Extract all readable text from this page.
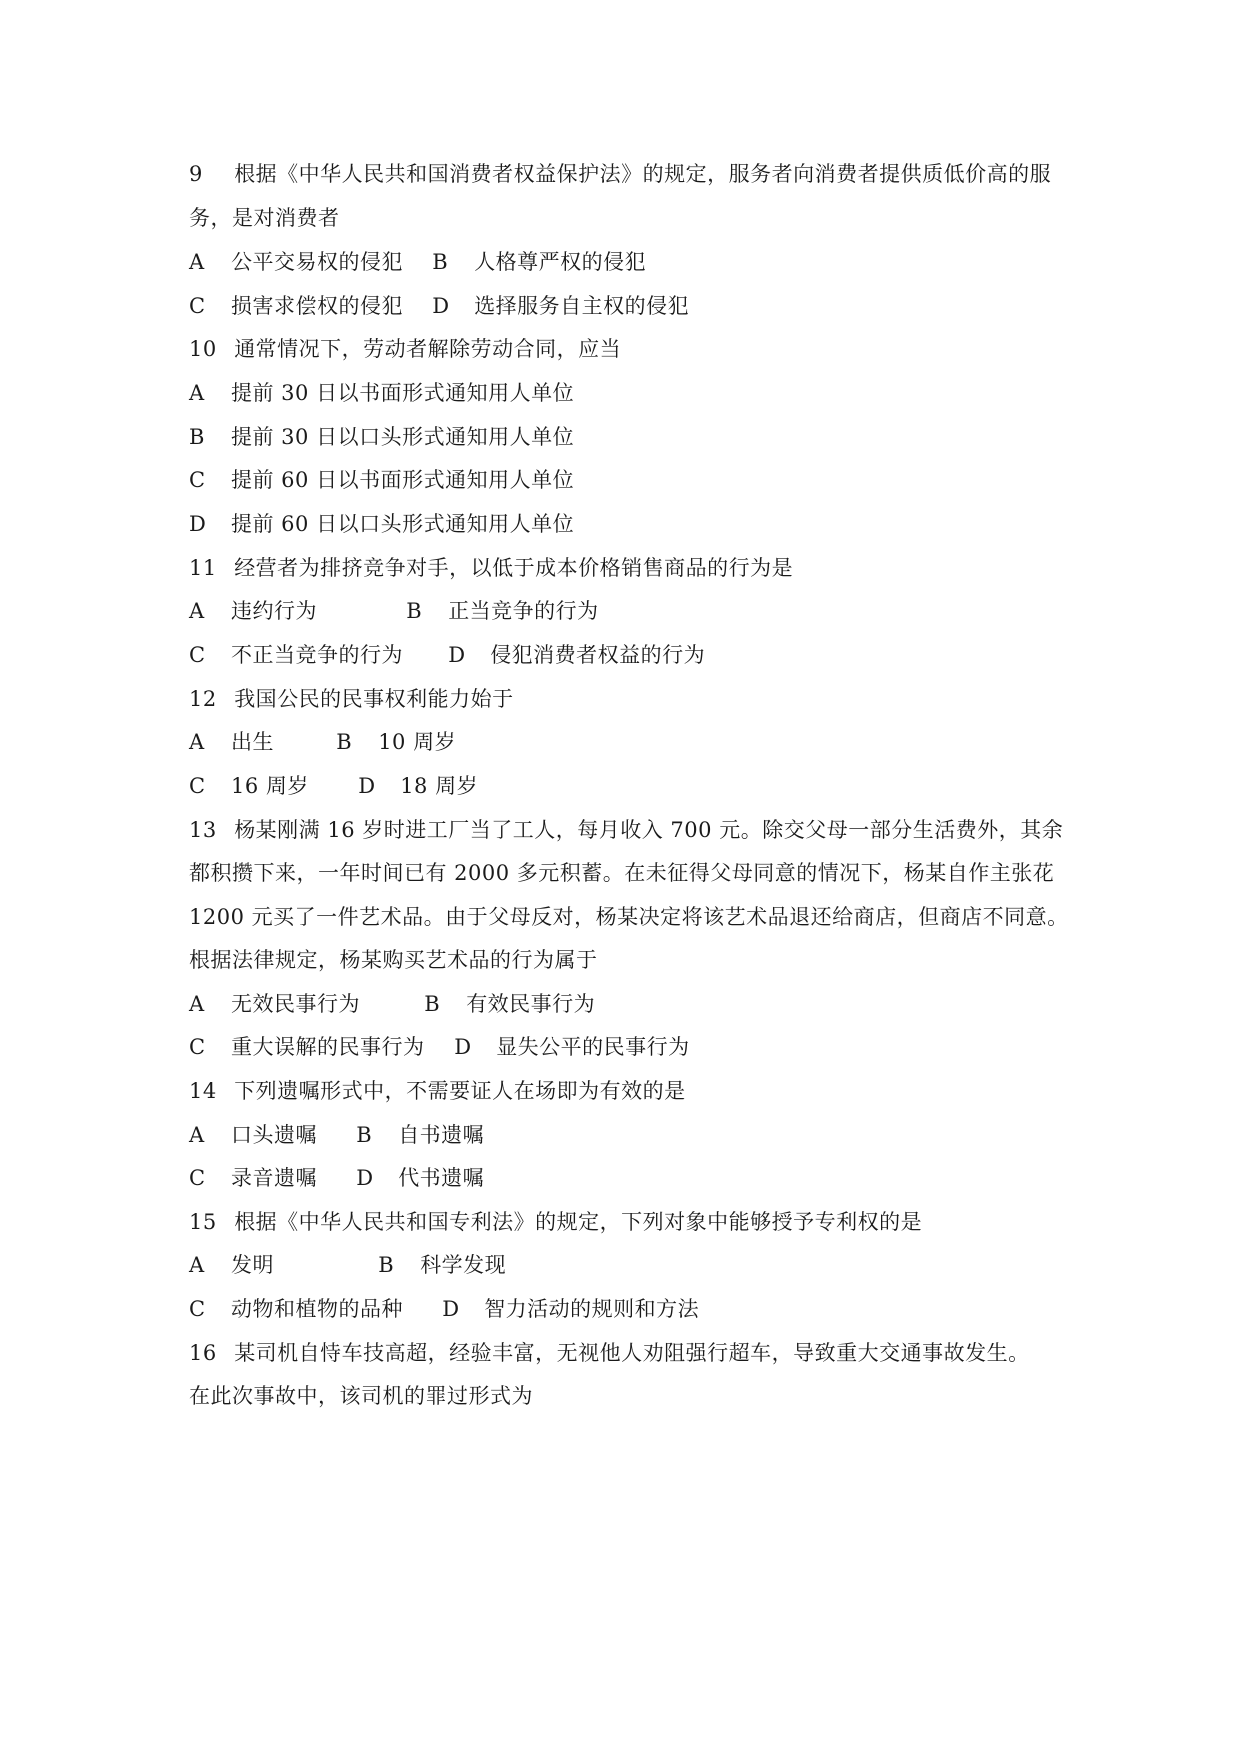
9 根据《中华人民共和国消费者权益保护法》的规定，服务者向消费者提供质低价高的服
务，是对消费者
A 公平交易权的侵犯 B 人格尊严权的侵犯
C 损害求偿权的侵犯 D 选择服务自主权的侵犯
10 通常情况下，劳动者解除劳动合同，应当
A 提前 30 日以书面形式通知用人单位
B 提前 30 日以口头形式通知用人单位
C 提前 60 日以书面形式通知用人单位
D 提前 60 日以口头形式通知用人单位
11 经营者为排挤竞争对手，以低于成本价格销售商品的行为是
A 违约行为	B 正当竞争的行为
C 不正当竞争的行为 D 侵犯消费者权益的行为
12 我国公民的民事权利能力始于
A 出生	B 10 周岁
C 16 周岁 D 18 周岁
13 杨某刚满 16 岁时进工厂当了工人，每月收入 700 元。除交父母一部分生活费外，其余
都积攒下来，一年时间已有 2000 多元积蓄。在未征得父母同意的情况下，杨某自作主张花
1200 元买了一件艺术品。由于父母反对，杨某决定将该艺术品退还给商店，但商店不同意。
根据法律规定，杨某购买艺术品的行为属于
A 无效民事行为	B 有效民事行为
C 重大误解的民事行为 D 显失公平的民事行为
14 下列遗嘱形式中，不需要证人在场即为有效的是
A 口头遗嘱 B 自书遗嘱
C 录音遗嘱 D 代书遗嘱
15 根据《中华人民共和国专利法》的规定，下列对象中能够授予专利权的是
A 发明	B 科学发现
C 动物和植物的品种 D 智力活动的规则和方法
16 某司机自恃车技高超，经验丰富，无视他人劝阻强行超车，导致重大交通事故发生。
在此次事故中，该司机的罪过形式为
